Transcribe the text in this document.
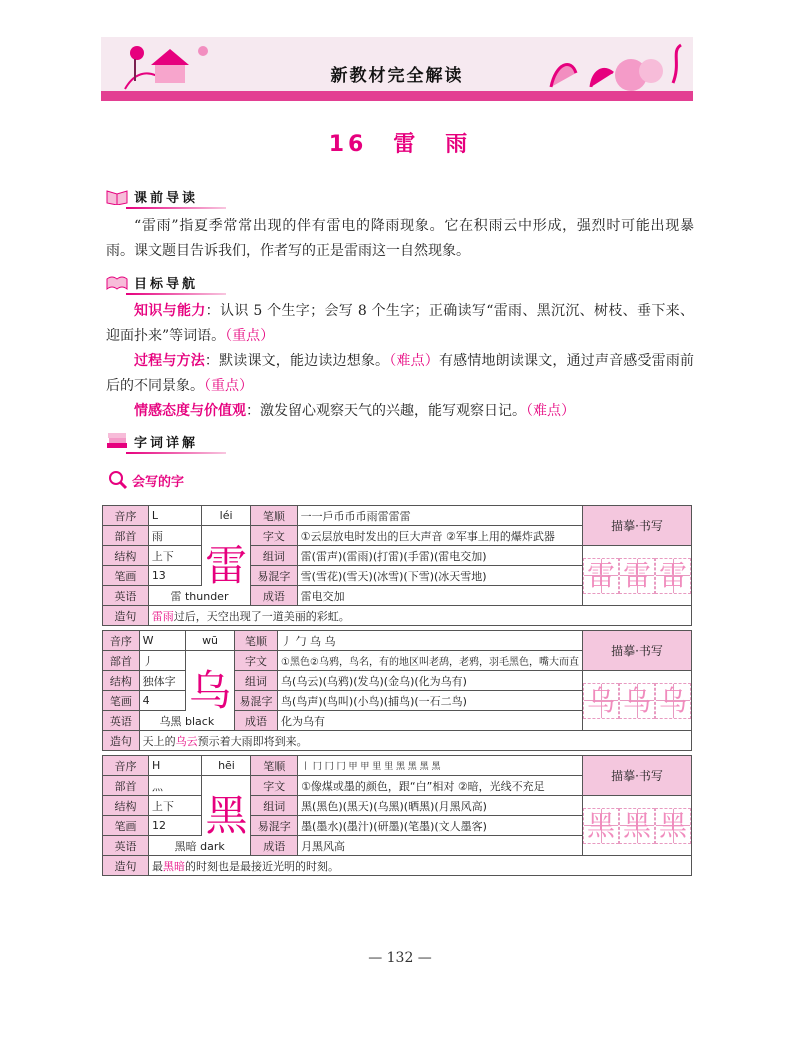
新教材完全解读
16　雷　雨
课前导读
“雷雨”指夏季常常出现的伴有雷电的降雨现象。它在积雨云中形成，强烈时可能出现暴雨。课文题目告诉我们，作者写的正是雷雨这一自然现象。
目标导航
知识与能力：认识 5 个生字；会写 8 个生字；正确读写“雷雨、黑沉沉、树枝、垂下来、迎面扑来”等词语。（重点）
过程与方法：默读课文，能边读边想象。（难点）有感情地朗读课文，通过声音感受雷雨前后的不同景象。（重点）
情感态度与价值观：激发留心观察天气的兴趣，能写观察日记。（难点）
字词详解
会写的字
音序	L	léi	笔顺	一一戶币币币雨雷雷雷	描摹·书写
部首	雨	雷	字文	①云层放电时发出的巨大声音 ②军事上用的爆炸武器	
结构	上下		组词	雷(雷声)(雷雨)(打雷)(手雷)(雷电交加)	雷 雷 雷

笔画	13		易混字	雪(雪花)(雪天)(冰雪)(下雪)(冰天雪地)	
英语	雷 thunder		成语	雷电交加	
造句	雷雨过后，天空出现了一道美丽的彩虹。				
音序	W	wū	笔顺	丿 勹 乌 乌	描摹·书写
部首	丿	乌	字文	①黑色②乌鸦，鸟名，有的地区叫老鸹，老鸦，羽毛黑色，嘴大而直	
结构	独体字		组词	乌(乌云)(乌鸦)(发乌)(金乌)(化为乌有)	乌 乌 乌

笔画	4		易混字	鸟(鸟声)(鸟叫)(小鸟)(捕鸟)(一石二鸟)	
英语	乌黑 black		成语	化为乌有	
造句	天上的乌云预示着大雨即将到来。				
音序	H	hēi	笔顺	丨 冂 冂 冂 甲 甲 里 里 黑 黑 黑 黑	描摹·书写
部首	灬	黑	字文	①像煤或墨的颜色，跟“白”相对 ②暗，光线不充足	
结构	上下		组词	黑(黑色)(黑天)(乌黑)(晒黑)(月黑风高)	黑 黑 黑

笔画	12		易混字	墨(墨水)(墨汁)(研墨)(笔墨)(文人墨客)	
英语	黑暗 dark		成语	月黑风高	
造句	最黑暗的时刻也是最接近光明的时刻。				
— 132 —
